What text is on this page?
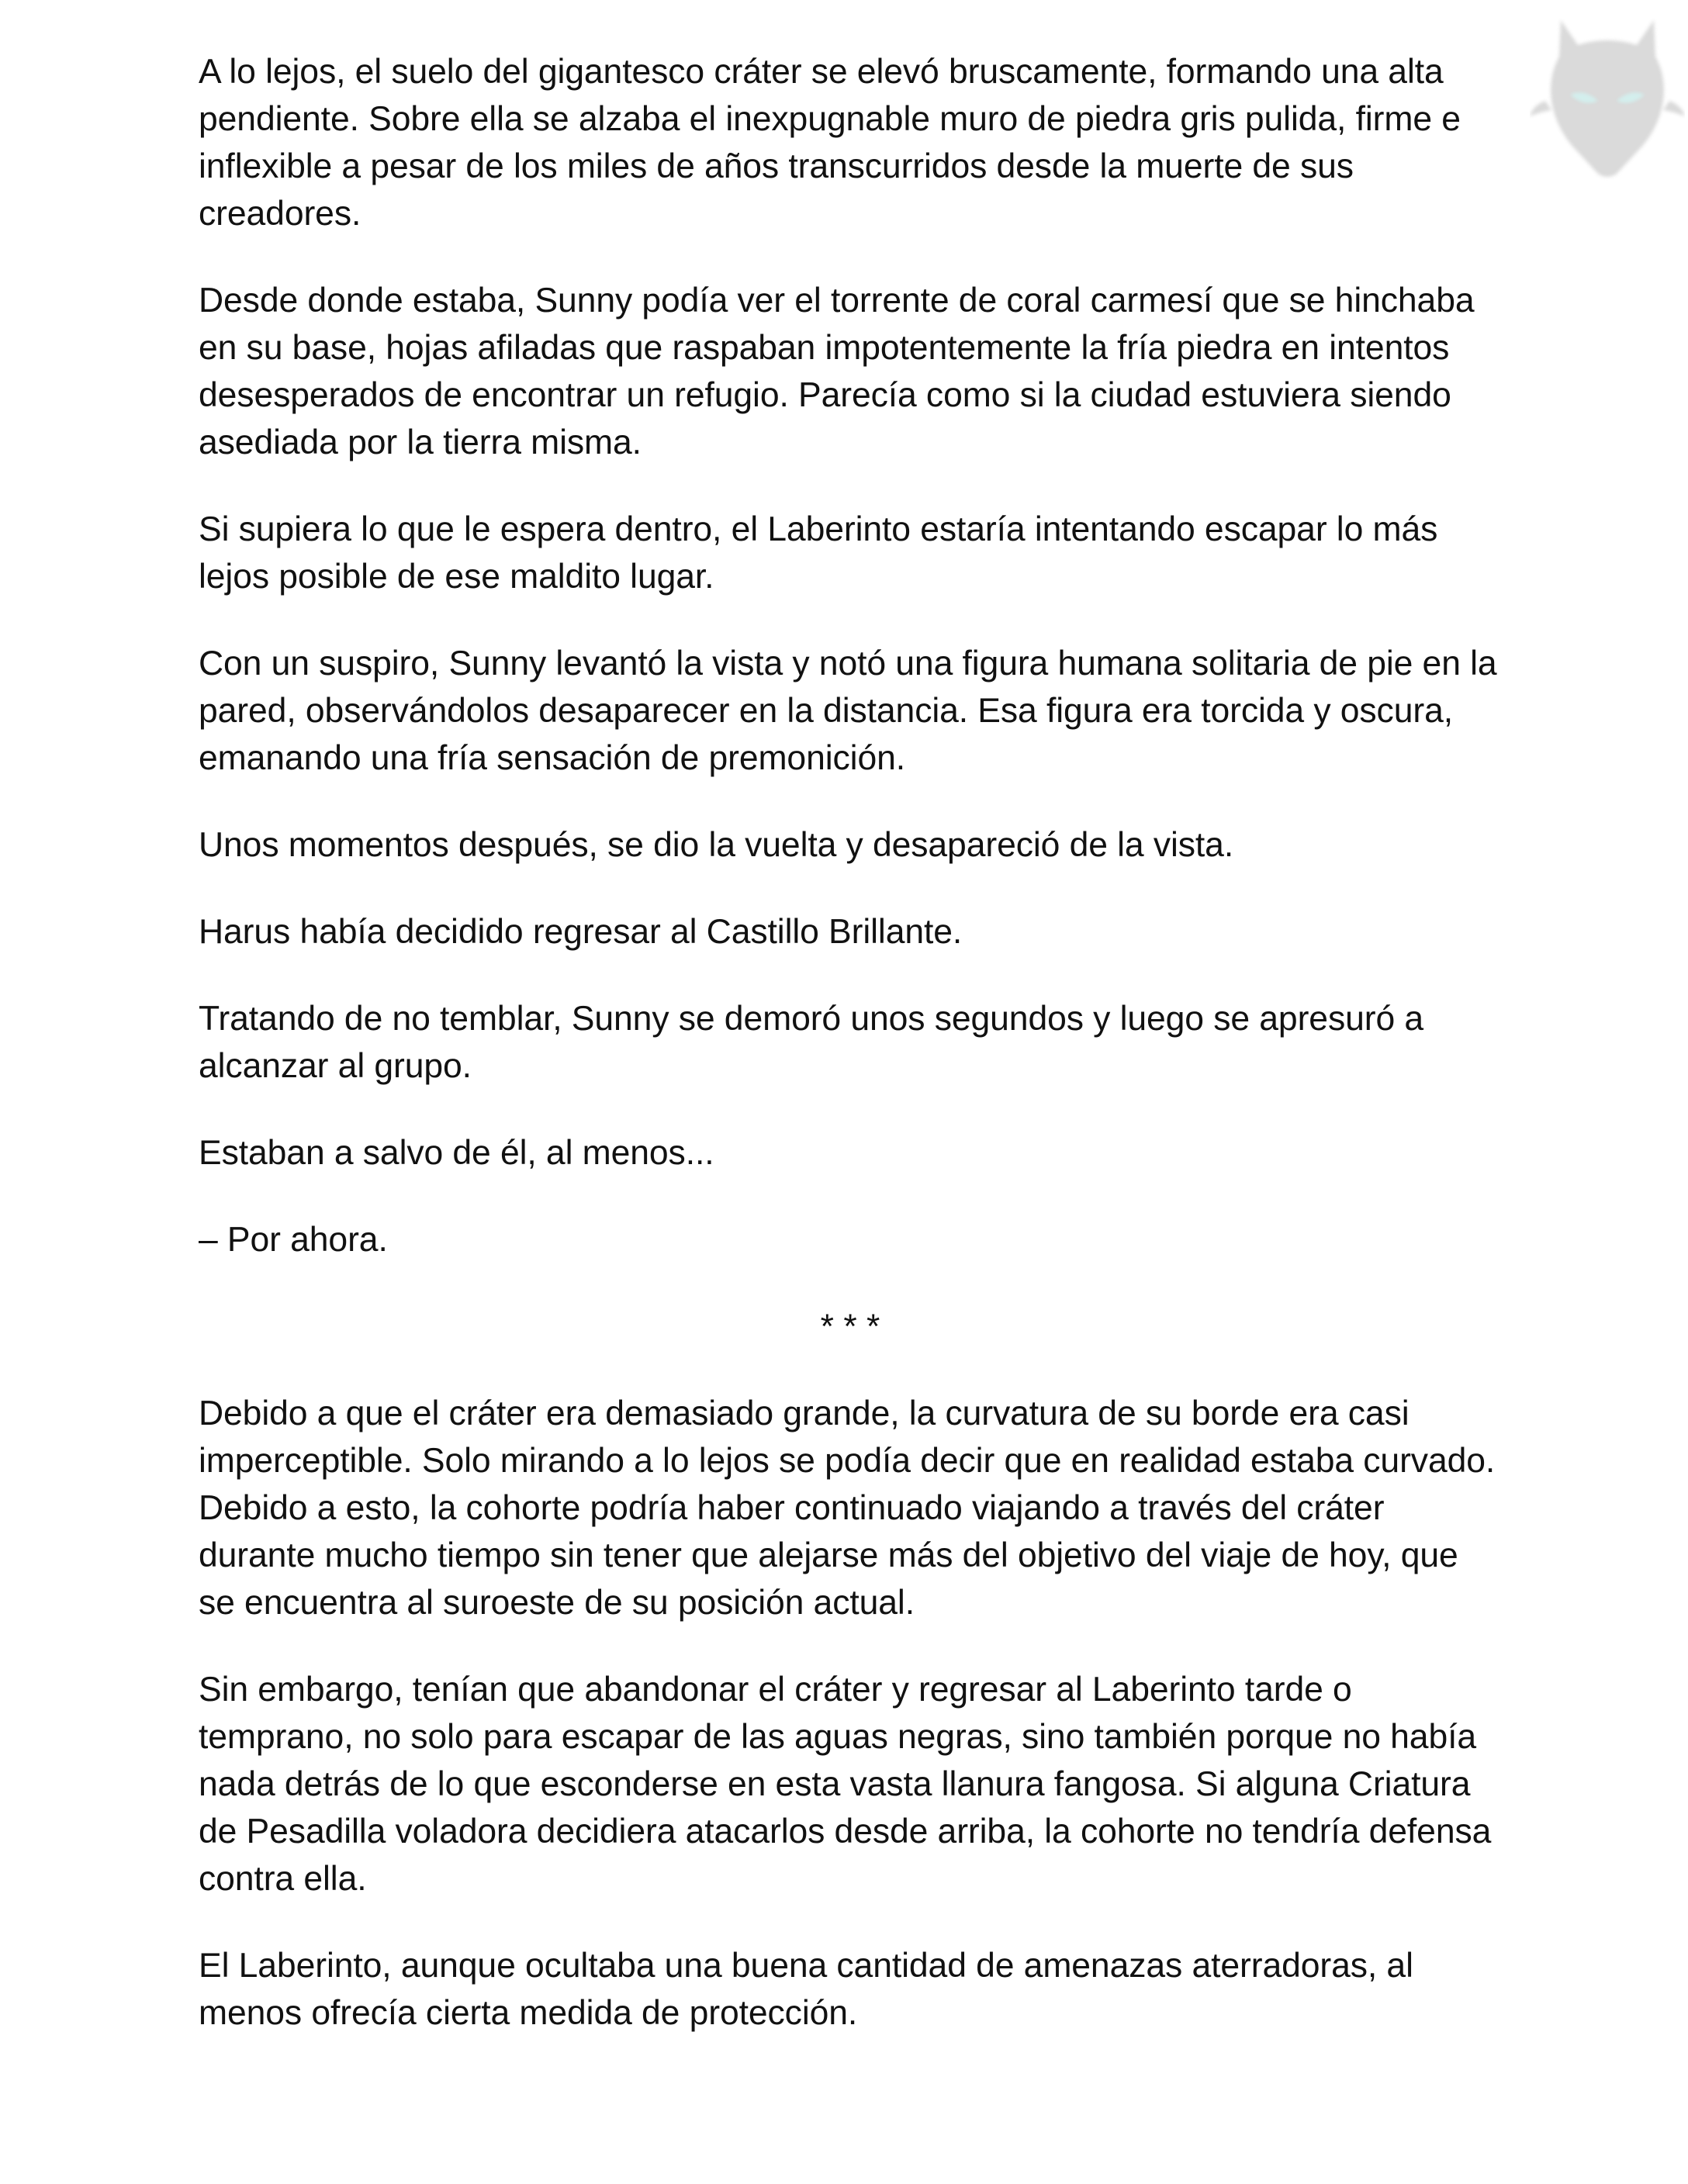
A lo lejos, el suelo del gigantesco cráter se elevó bruscamente, formando una alta pendiente. Sobre ella se alzaba el inexpugnable muro de piedra gris pulida, firme e inflexible a pesar de los miles de años transcurridos desde la muerte de sus creadores.

Desde donde estaba, Sunny podía ver el torrente de coral carmesí que se hinchaba en su base, hojas afiladas que raspaban impotentemente la fría piedra en intentos desesperados de encontrar un refugio. Parecía como si la ciudad estuviera siendo asediada por la tierra misma.

Si supiera lo que le espera dentro, el Laberinto estaría intentando escapar lo más lejos posible de ese maldito lugar.

Con un suspiro, Sunny levantó la vista y notó una figura humana solitaria de pie en la pared, observándolos desaparecer en la distancia. Esa figura era torcida y oscura, emanando una fría sensación de premonición.

Unos momentos después, se dio la vuelta y desapareció de la vista.

Harus había decidido regresar al Castillo Brillante.

Tratando de no temblar, Sunny se demoró unos segundos y luego se apresuró a alcanzar al grupo.

Estaban a salvo de él, al menos...

– Por ahora.

* * *

Debido a que el cráter era demasiado grande, la curvatura de su borde era casi imperceptible. Solo mirando a lo lejos se podía decir que en realidad estaba curvado. Debido a esto, la cohorte podría haber continuado viajando a través del cráter durante mucho tiempo sin tener que alejarse más del objetivo del viaje de hoy, que se encuentra al suroeste de su posición actual.

Sin embargo, tenían que abandonar el cráter y regresar al Laberinto tarde o temprano, no solo para escapar de las aguas negras, sino también porque no había nada detrás de lo que esconderse en esta vasta llanura fangosa. Si alguna Criatura de Pesadilla voladora decidiera atacarlos desde arriba, la cohorte no tendría defensa contra ella.

El Laberinto, aunque ocultaba una buena cantidad de amenazas aterradoras, al menos ofrecía cierta medida de protección.
